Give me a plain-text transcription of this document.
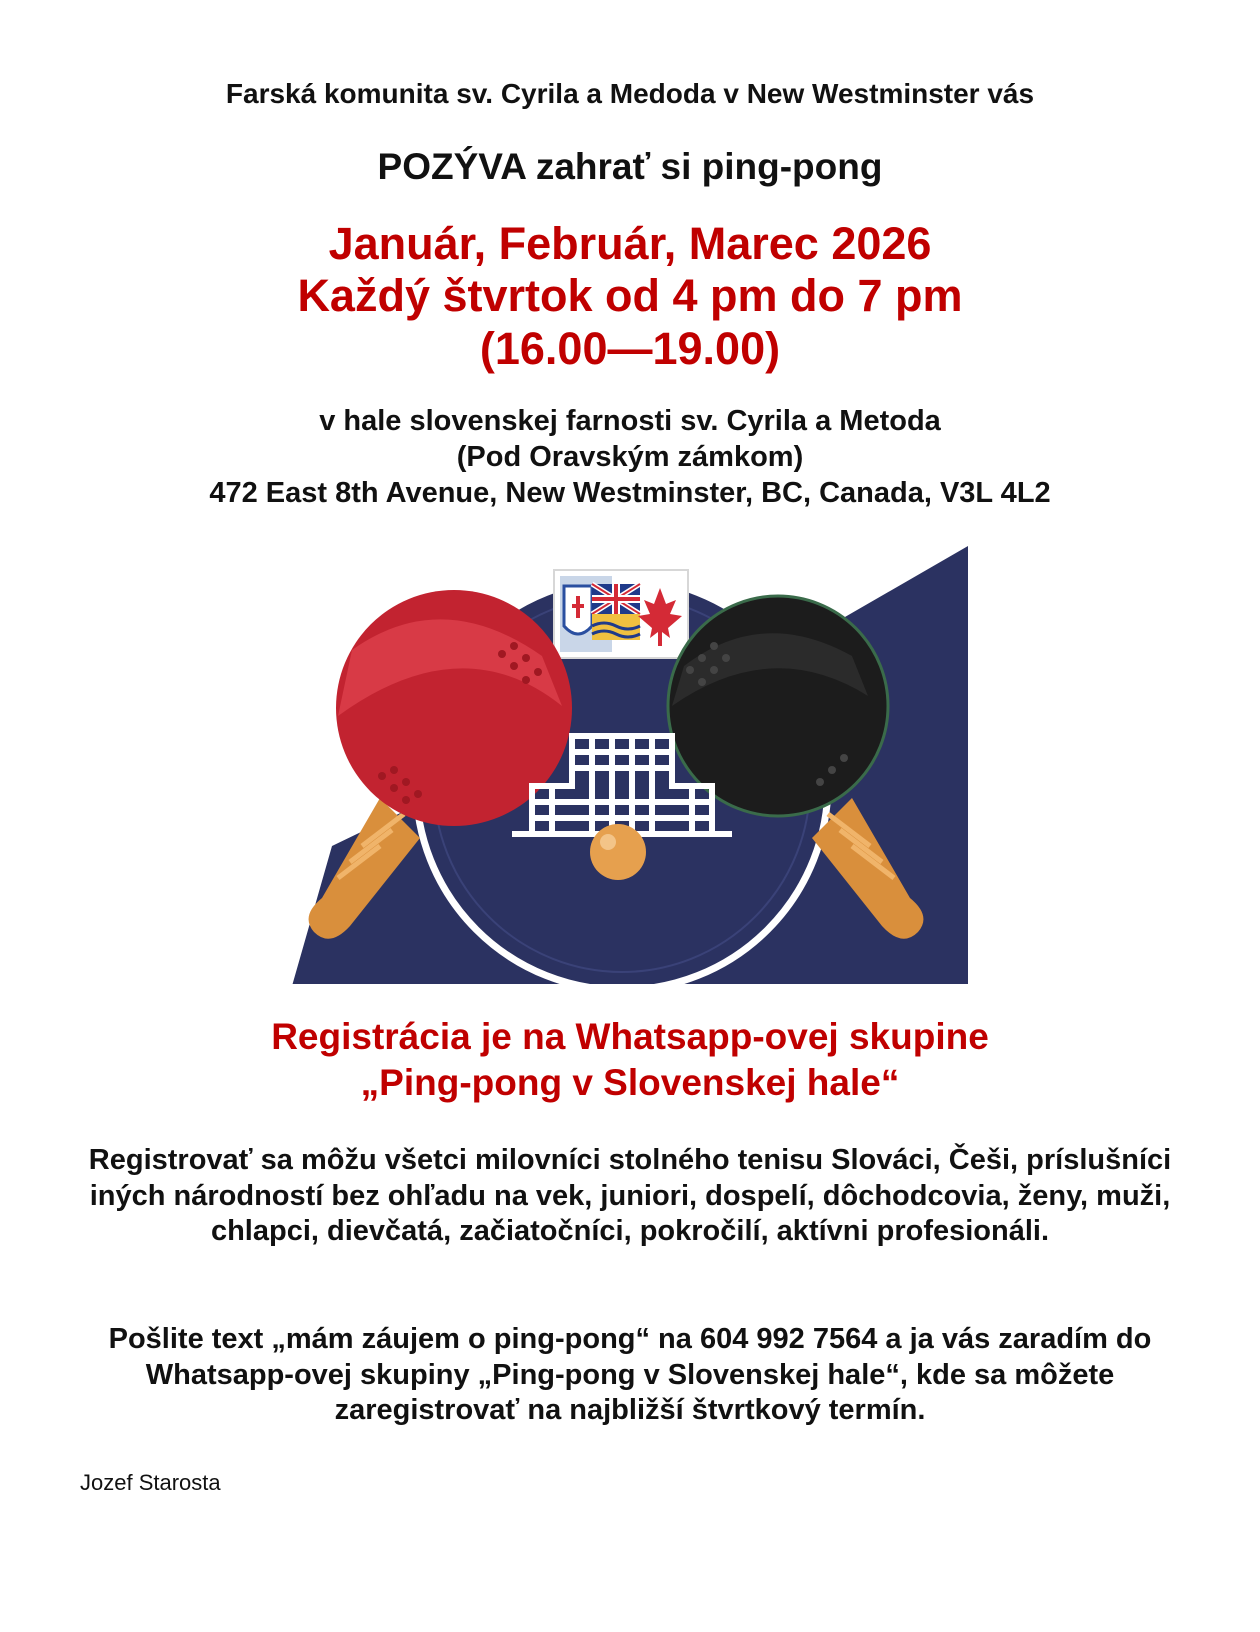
Farská komunita sv. Cyrila a Medoda v New Westminster vás
POZÝVA zahrať si ping-pong
Január, Február, Marec 2026
Každý štvrtok od 4 pm do 7 pm
(16.00—19.00)
v hale slovenskej farnosti sv. Cyrila a Metoda
(Pod Oravským zámkom)
472 East 8th Avenue, New Westminster, BC, Canada, V3L 4L2
Registrácia je na Whatsapp-ovej skupine
„Ping-pong v Slovenskej hale“
Registrovať sa môžu všetci milovníci stolného tenisu Slováci, Češi, príslušníci iných národností bez ohľadu na vek, juniori, dospelí, dôchodcovia, ženy, muži, chlapci, dievčatá, začiatočníci, pokročilí, aktívni profesionáli.
Pošlite text „mám záujem o ping-pong“ na 604 992 7564 a ja vás zaradím do Whatsapp-ovej skupiny „Ping-pong v Slovenskej hale“, kde sa môžete zaregistrovať na najbližší štvrtkový termín.
Jozef Starosta
